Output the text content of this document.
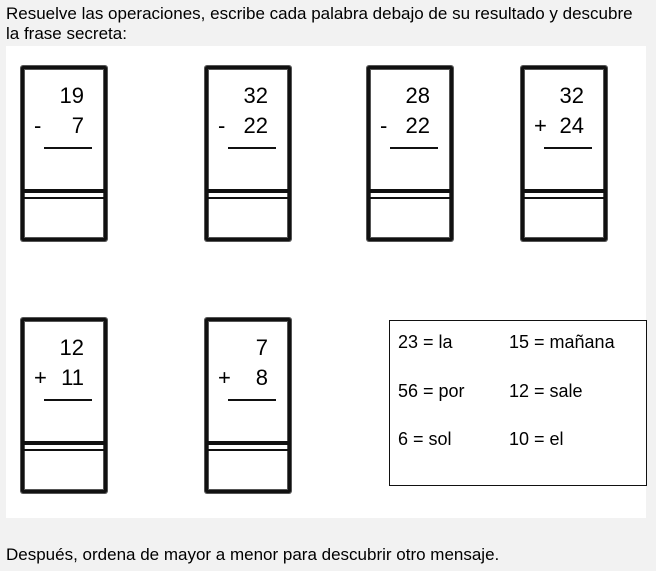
Resuelve las operaciones, escribe cada palabra debajo de su resultado y descubre la frase secreta:

19
- 7
32
- 22
28
- 22
32
+ 24
12
+ 11
7
+ 8
23 = la	15 = mañana
56 = por 12 = sale
6 = sol	10 = el

Después, ordena de mayor a menor para descubrir otro mensaje.
